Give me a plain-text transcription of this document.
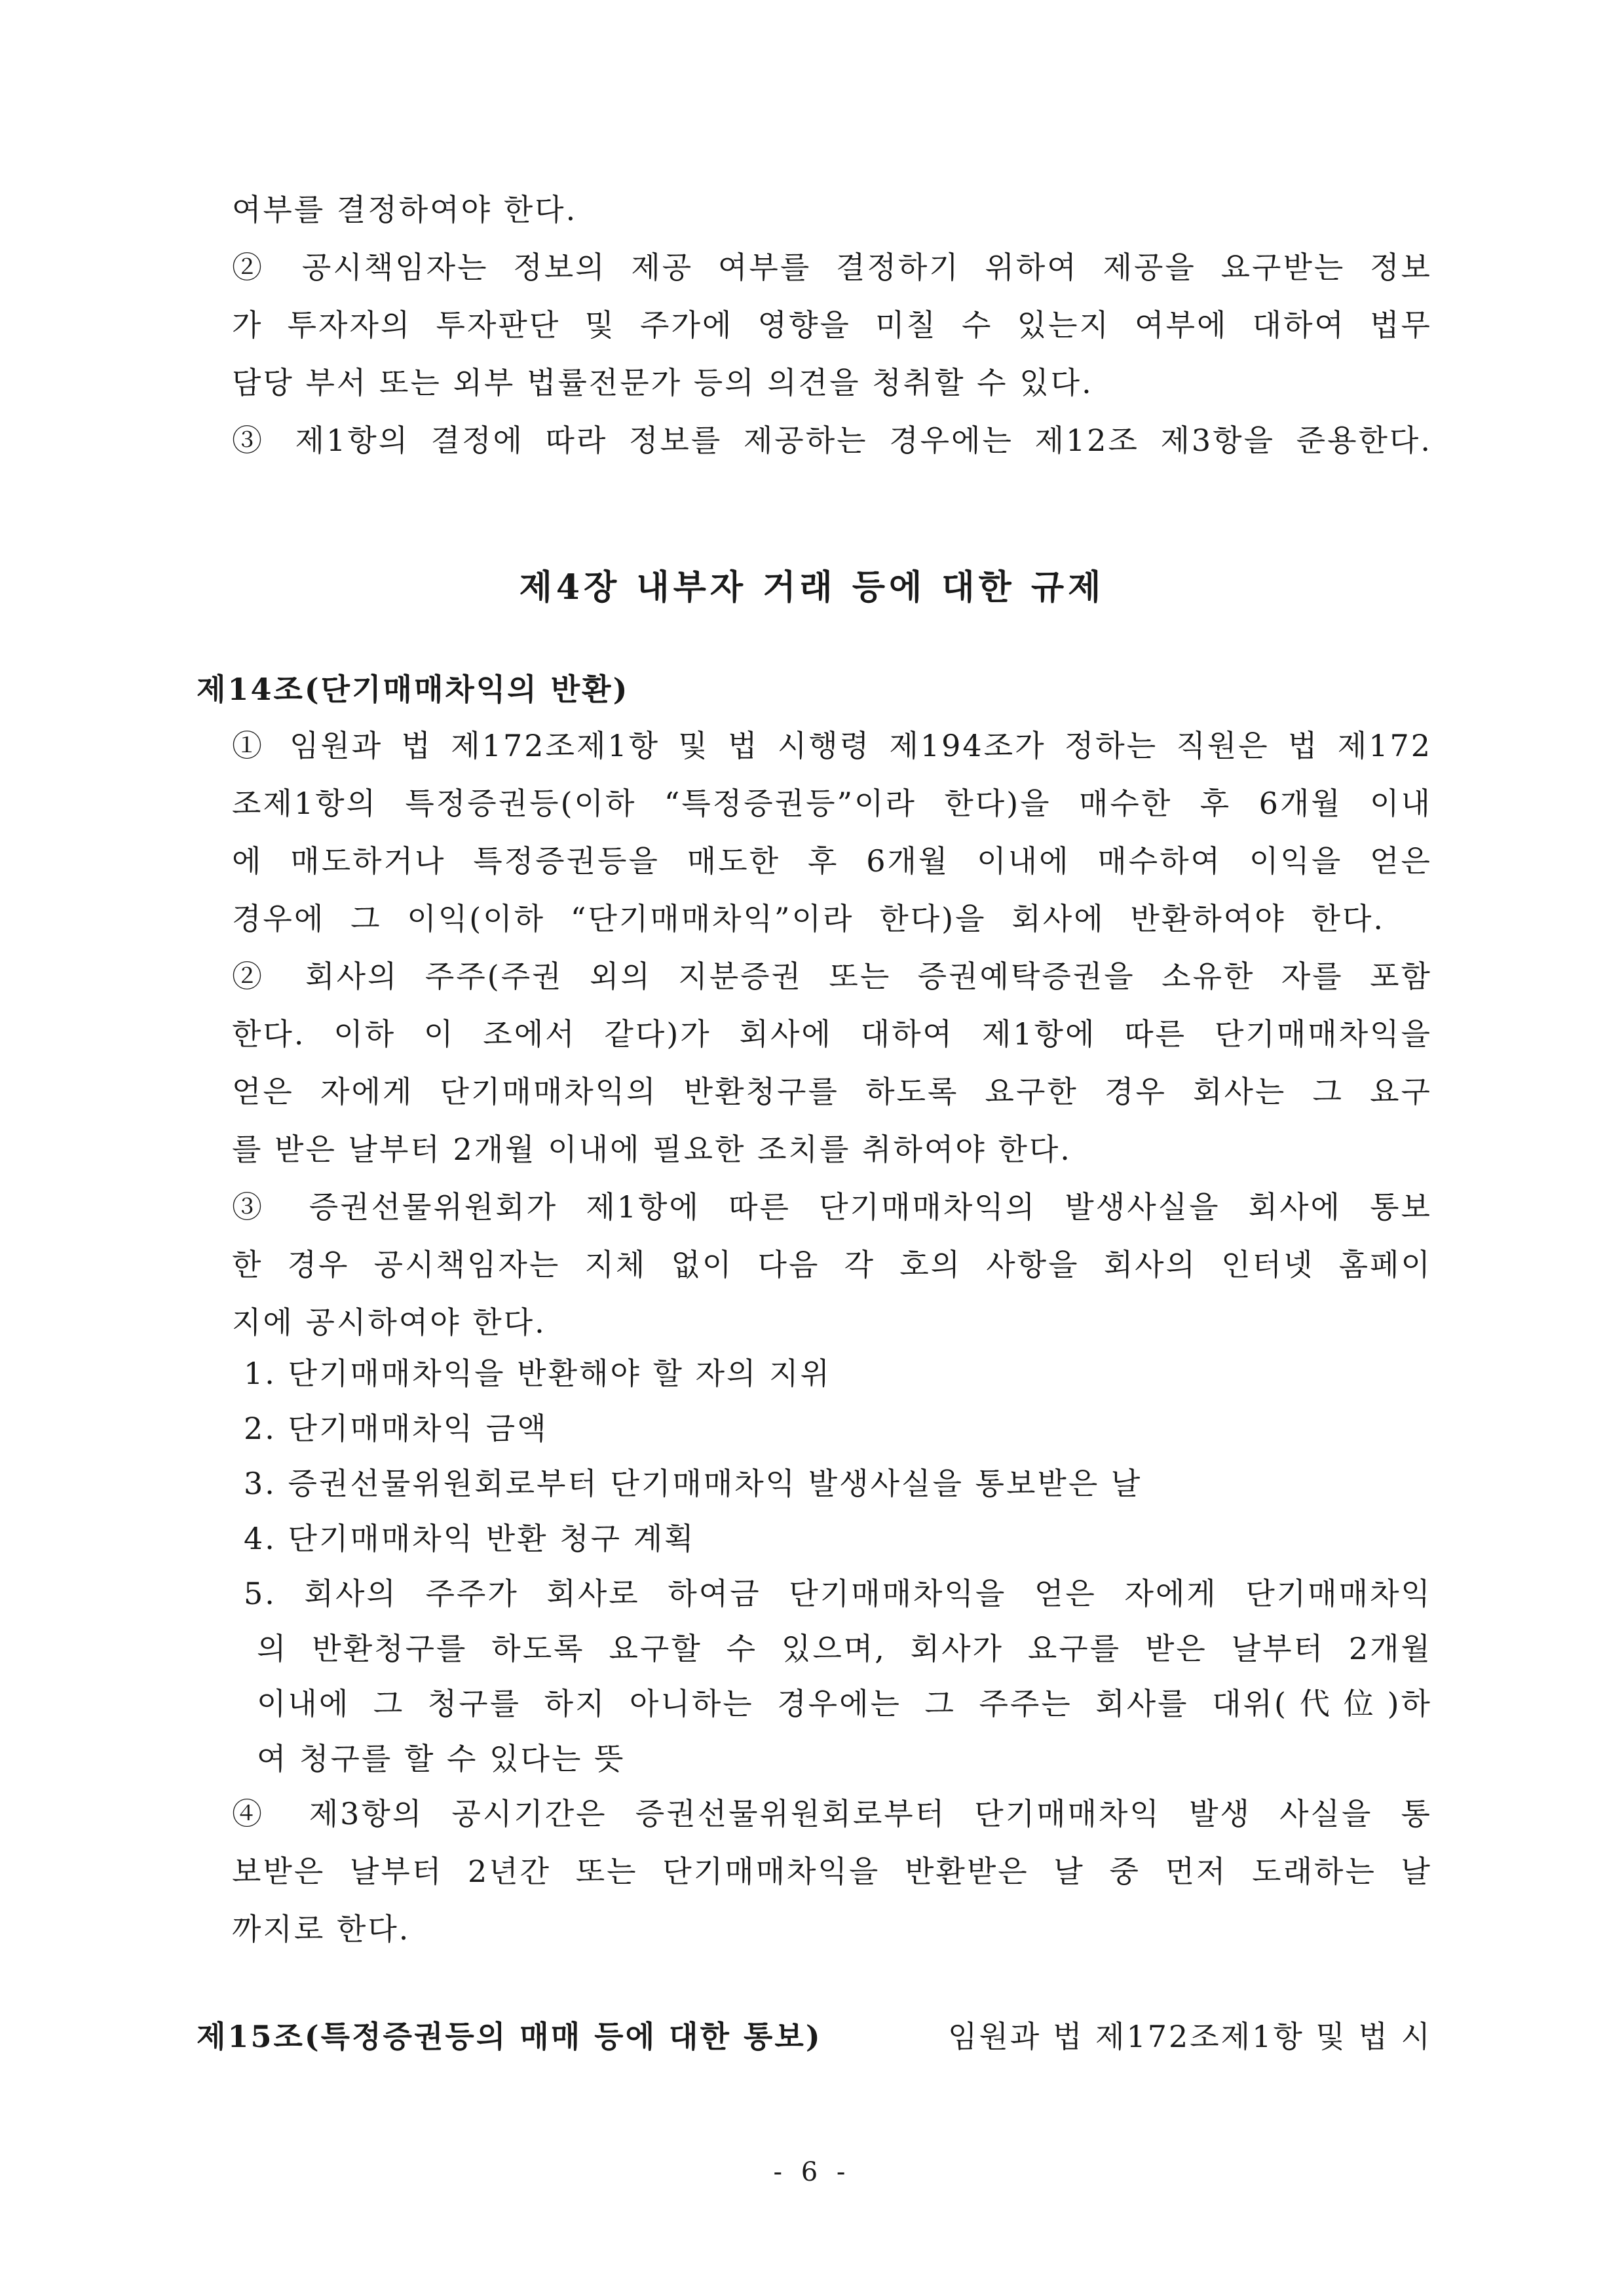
여부를 결정하여야 한다.
② 공시책임자는 정보의 제공 여부를 결정하기 위하여 제공을 요구받는 정보
가 투자자의 투자판단 및 주가에 영향을 미칠 수 있는지 여부에 대하여 법무
담당 부서 또는 외부 법률전문가 등의 의견을 청취할 수 있다.
③ 제1항의 결정에 따라 정보를 제공하는 경우에는 제12조 제3항을 준용한다.
제4장 내부자 거래 등에 대한 규제
제14조(단기매매차익의 반환)
① 임원과 법 제172조제1항 및 법 시행령 제194조가 정하는 직원은 법 제172
조제1항의 특정증권등(이하 “특정증권등”이라 한다)을 매수한 후 6개월 이내
에 매도하거나 특정증권등을 매도한 후 6개월 이내에 매수하여 이익을 얻은
경우에 그 이익(이하 “단기매매차익”이라 한다)을 회사에 반환하여야 한다.
② 회사의 주주(주권 외의 지분증권 또는 증권예탁증권을 소유한 자를 포함
한다. 이하 이 조에서 같다)가 회사에 대하여 제1항에 따른 단기매매차익을
얻은 자에게 단기매매차익의 반환청구를 하도록 요구한 경우 회사는 그 요구
를 받은 날부터 2개월 이내에 필요한 조치를 취하여야 한다.
③ 증권선물위원회가 제1항에 따른 단기매매차익의 발생사실을 회사에 통보
한 경우 공시책임자는 지체 없이 다음 각 호의 사항을 회사의 인터넷 홈페이
지에 공시하여야 한다.
1. 단기매매차익을 반환해야 할 자의 지위
2. 단기매매차익 금액
3. 증권선물위원회로부터 단기매매차익 발생사실을 통보받은 날
4. 단기매매차익 반환 청구 계획
5. 회사의 주주가 회사로 하여금 단기매매차익을 얻은 자에게 단기매매차익
의 반환청구를 하도록 요구할 수 있으며, 회사가 요구를 받은 날부터 2개월
이내에 그 청구를 하지 아니하는 경우에는 그 주주는 회사를 대위(代位)하
여 청구를 할 수 있다는 뜻
④ 제3항의 공시기간은 증권선물위원회로부터 단기매매차익 발생 사실을 통
보받은 날부터 2년간 또는 단기매매차익을 반환받은 날 중 먼저 도래하는 날
까지로 한다.
제15조(특정증권등의 매매 등에 대한 통보)	임원과 법 제172조제1항 및 법 시
- 6 -
